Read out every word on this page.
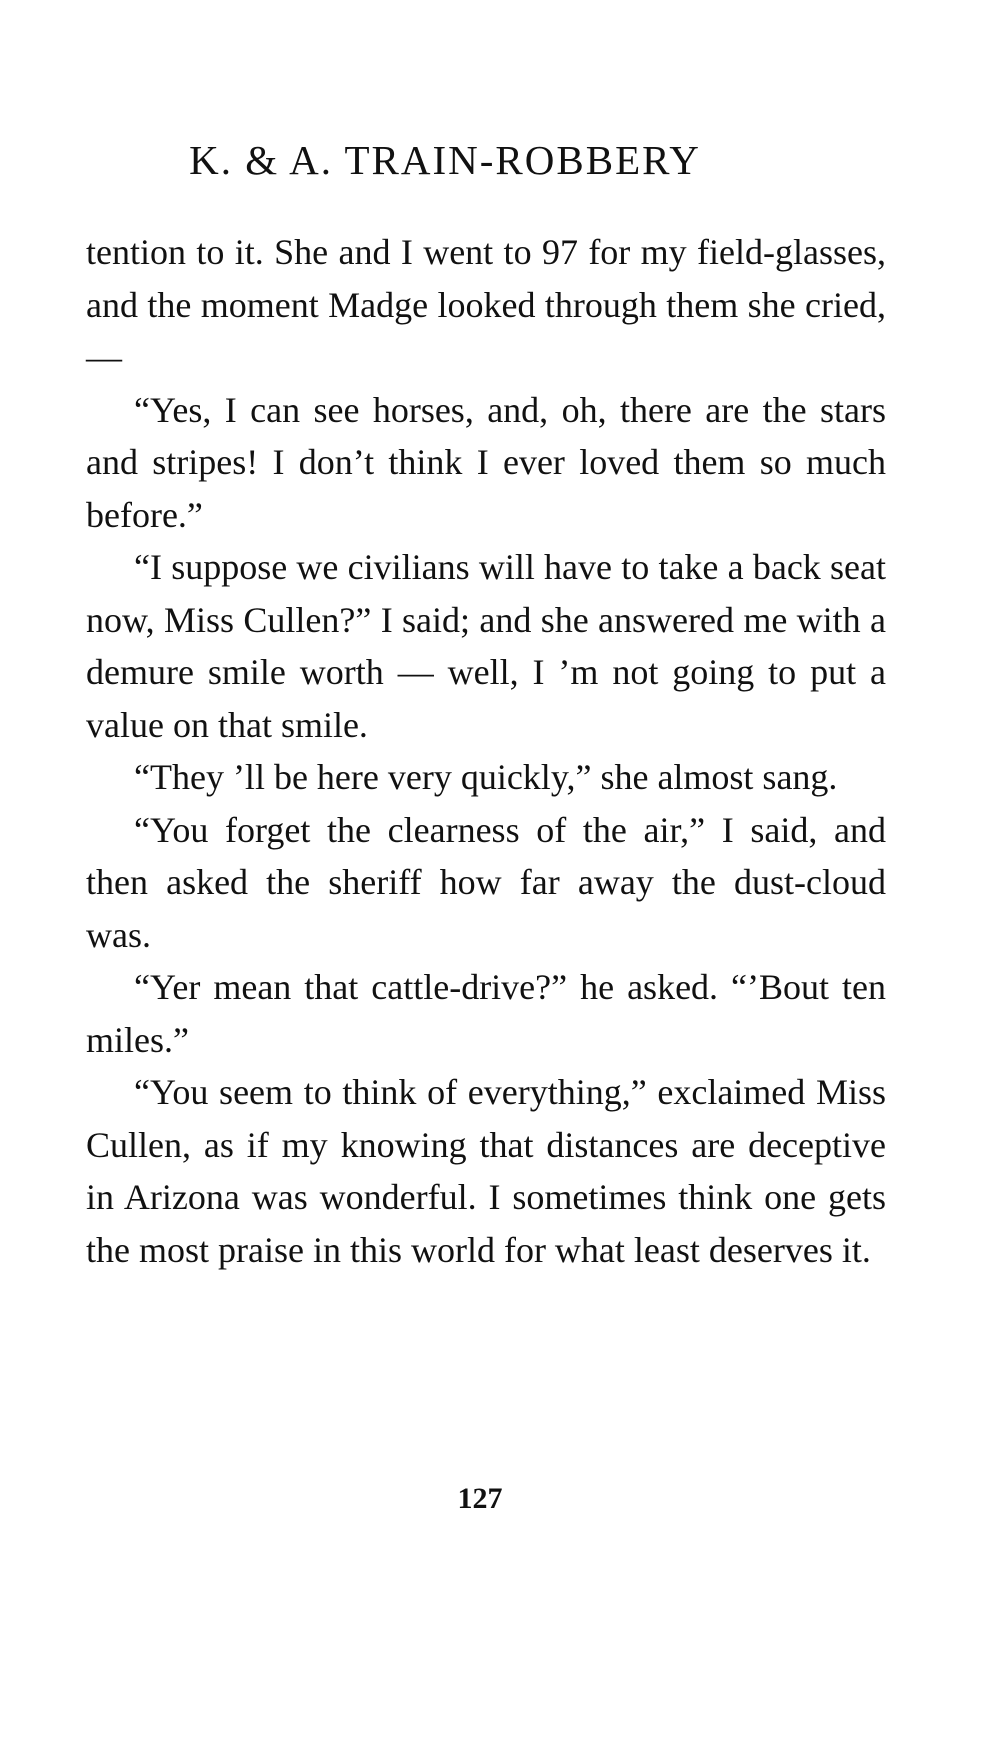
K. & A. TRAIN-ROBBERY

tention to it. She and I went to 97 for my field-glasses, and the moment Madge looked through them she cried, —

“Yes, I can see horses, and, oh, there are the stars and stripes! I don’t think I ever loved them so much before.”

“I suppose we civilians will have to take a back seat now, Miss Cullen?” I said; and she answered me with a demure smile worth — well, I ’m not going to put a value on that smile.

“They ’ll be here very quickly,” she almost sang.

“You forget the clearness of the air,” I said, and then asked the sheriff how far away the dust-cloud was.

“Yer mean that cattle-drive?” he asked. “’Bout ten miles.”

“You seem to think of everything,” exclaimed Miss Cullen, as if my knowing that distances are deceptive in Arizona was wonderful. I sometimes think one gets the most praise in this world for what least deserves it.

127
